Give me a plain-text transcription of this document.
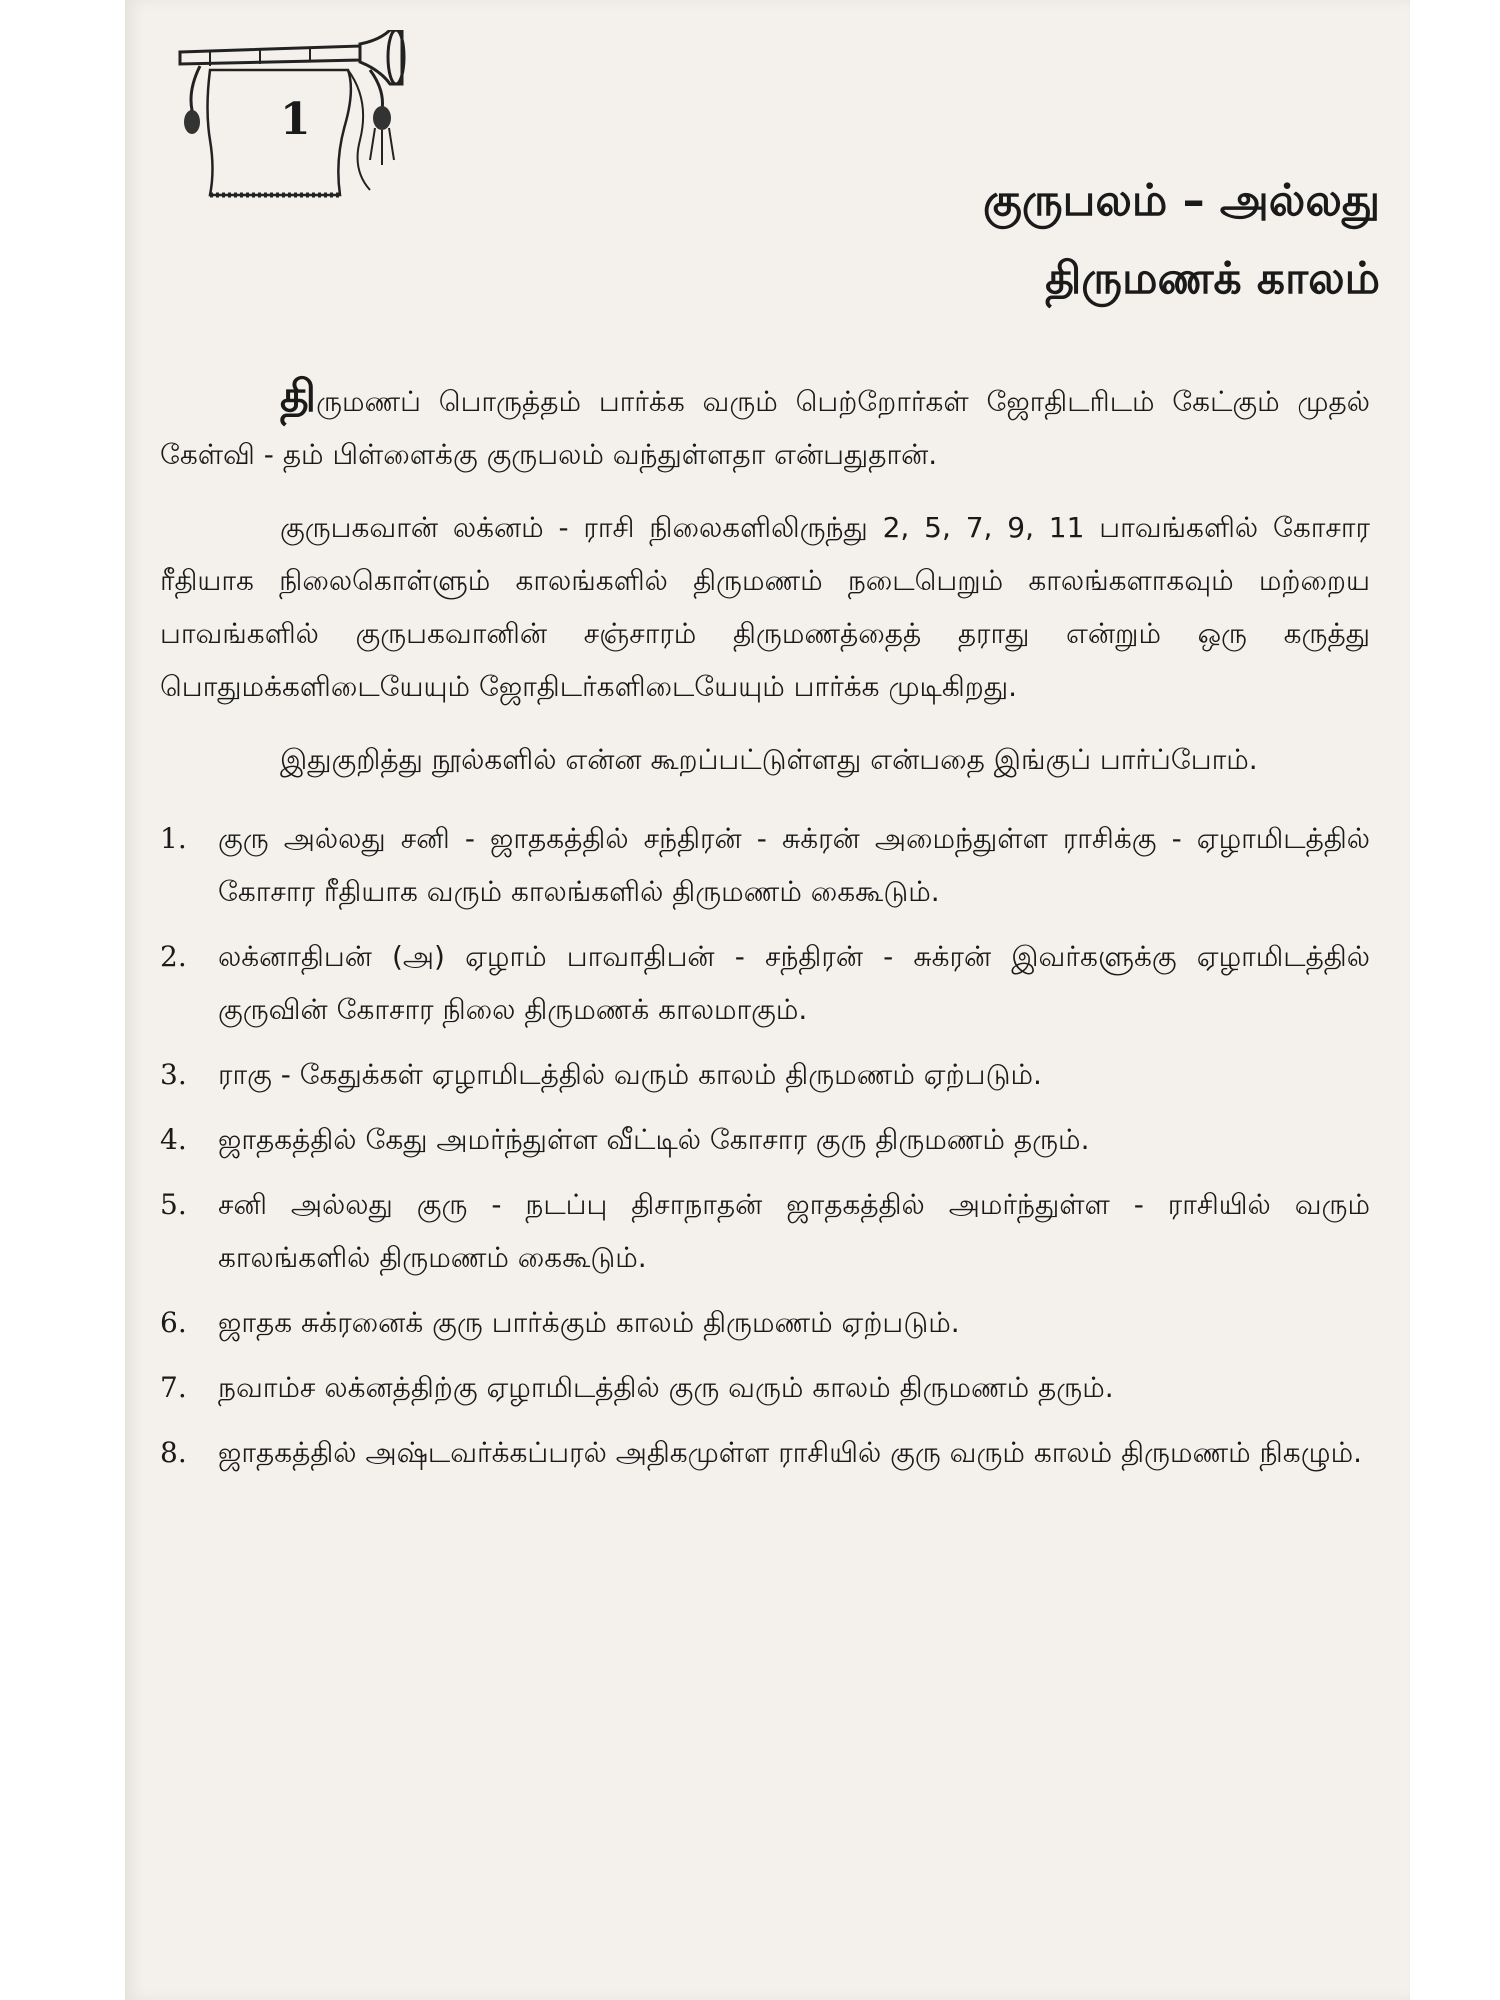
1
குருபலம் – அல்லது
திருமணக் காலம்

திருமணப் பொருத்தம் பார்க்க வரும் பெற்றோர்கள் ஜோதிடரிடம் கேட்கும் முதல் கேள்வி - தம் பிள்ளைக்கு குருபலம் வந்துள்ளதா என்பதுதான்.

குருபகவான் லக்னம் - ராசி நிலைகளிலிருந்து 2, 5, 7, 9, 11 பாவங்களில் கோசார ரீதியாக நிலைகொள்ளும் காலங்களில் திருமணம் நடைபெறும் காலங்களாகவும் மற்றைய பாவங்களில் குருபகவானின் சஞ்சாரம் திருமணத்தைத் தராது என்றும் ஒரு கருத்து பொதுமக்களிடையேயும் ஜோதிடர்களிடையேயும் பார்க்க முடிகிறது.

இதுகுறித்து நூல்களில் என்ன கூறப்பட்டுள்ளது என்பதை இங்குப் பார்ப்போம்.

1.	குரு அல்லது சனி - ஜாதகத்தில் சந்திரன் - சுக்ரன் அமைந்துள்ள ராசிக்கு - ஏழாமிடத்தில் கோசார ரீதியாக வரும் காலங்களில் திருமணம் கைகூடும்.
2.	லக்னாதிபன் (அ) ஏழாம் பாவாதிபன் - சந்திரன் - சுக்ரன் இவர்களுக்கு ஏழாமிடத்தில் குருவின் கோசார நிலை திருமணக் காலமாகும்.
3.	ராகு - கேதுக்கள் ஏழாமிடத்தில் வரும் காலம் திருமணம் ஏற்படும்.
4.	ஜாதகத்தில் கேது அமர்ந்துள்ள வீட்டில் கோசார குரு திருமணம் தரும்.
5.	சனி அல்லது குரு - நடப்பு திசாநாதன் ஜாதகத்தில் அமர்ந்துள்ள - ராசியில் வரும் காலங்களில் திருமணம் கைகூடும்.
6.	ஜாதக சுக்ரனைக் குரு பார்க்கும் காலம் திருமணம் ஏற்படும்.
7.	நவாம்ச லக்னத்திற்கு ஏழாமிடத்தில் குரு வரும் காலம் திருமணம் தரும்.
8.	ஜாதகத்தில் அஷ்டவர்க்கப்பரல் அதிகமுள்ள ராசியில் குரு வரும் காலம் திருமணம் நிகழும்.
